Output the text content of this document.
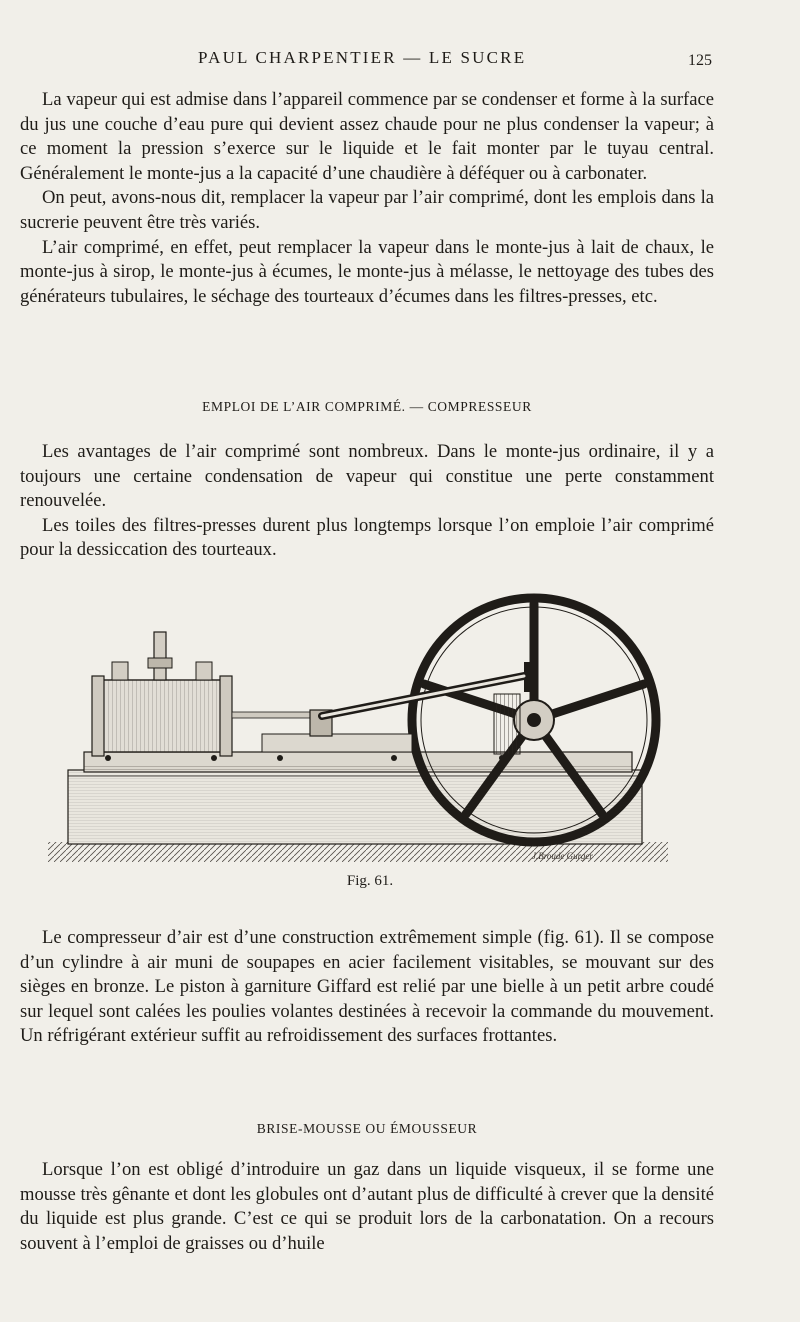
PAUL CHARPENTIER — LE SUCRE	125

La vapeur qui est admise dans l’appareil commence par se condenser et forme à la surface du jus une couche d’eau pure qui devient assez chaude pour ne plus condenser la vapeur; à ce moment la pression s’exerce sur le liquide et le fait monter par le tuyau central. Généralement le monte-jus a la capacité d’une chaudière à déféquer ou à carbonater.

On peut, avons-nous dit, remplacer la vapeur par l’air comprimé, dont les emplois dans la sucrerie peuvent être très variés.

L’air comprimé, en effet, peut remplacer la vapeur dans le monte-jus à lait de chaux, le monte-jus à sirop, le monte-jus à écumes, le monte-jus à mélasse, le nettoyage des tubes des générateurs tubulaires, le séchage des tourteaux d’écumes dans les filtres-presses, etc.

EMPLOI DE L’AIR COMPRIMÉ. — COMPRESSEUR

Les avantages de l’air comprimé sont nombreux. Dans le monte-jus ordinaire, il y a toujours une certaine condensation de vapeur qui constitue une perte constamment renouvelée.

Les toiles des filtres-presses durent plus longtemps lorsque l’on emploie l’air comprimé pour la dessiccation des tourteaux.

J.Broude Gurger
Fig. 61.

Le compresseur d’air est d’une construction extrêmement simple (fig. 61). Il se compose d’un cylindre à air muni de soupapes en acier facilement visitables, se mouvant sur des sièges en bronze. Le piston à garniture Giffard est relié par une bielle à un petit arbre coudé sur lequel sont calées les poulies volantes destinées à recevoir la commande du mouvement. Un réfrigérant extérieur suffit au refroidissement des surfaces frottantes.

BRISE-MOUSSE OU ÉMOUSSEUR

Lorsque l’on est obligé d’introduire un gaz dans un liquide visqueux, il se forme une mousse très gênante et dont les globules ont d’autant plus de difficulté à crever que la densité du liquide est plus grande. C’est ce qui se produit lors de la carbonatation. On a recours souvent à l’emploi de graisses ou d’huile
